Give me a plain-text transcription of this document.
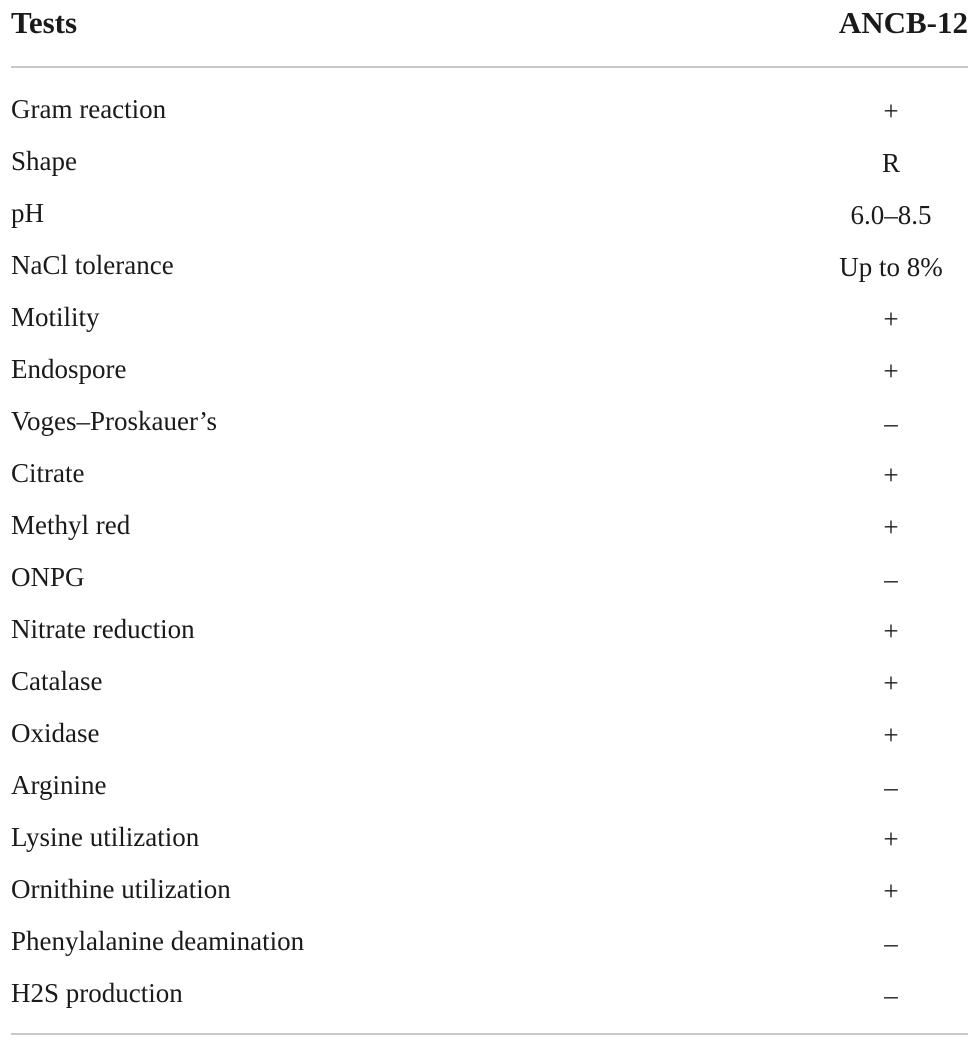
Tests	ANCB-12
Gram reaction	+
Shape	R
pH	6.0–8.5
NaCl tolerance	Up to 8%
Motility	+
Endospore	+
Voges–Proskauer’s	–
Citrate	+
Methyl red	+
ONPG	–
Nitrate reduction	+
Catalase	+
Oxidase	+
Arginine	–
Lysine utilization	+
Ornithine utilization	+
Phenylalanine deamination	–
H2S production	–
